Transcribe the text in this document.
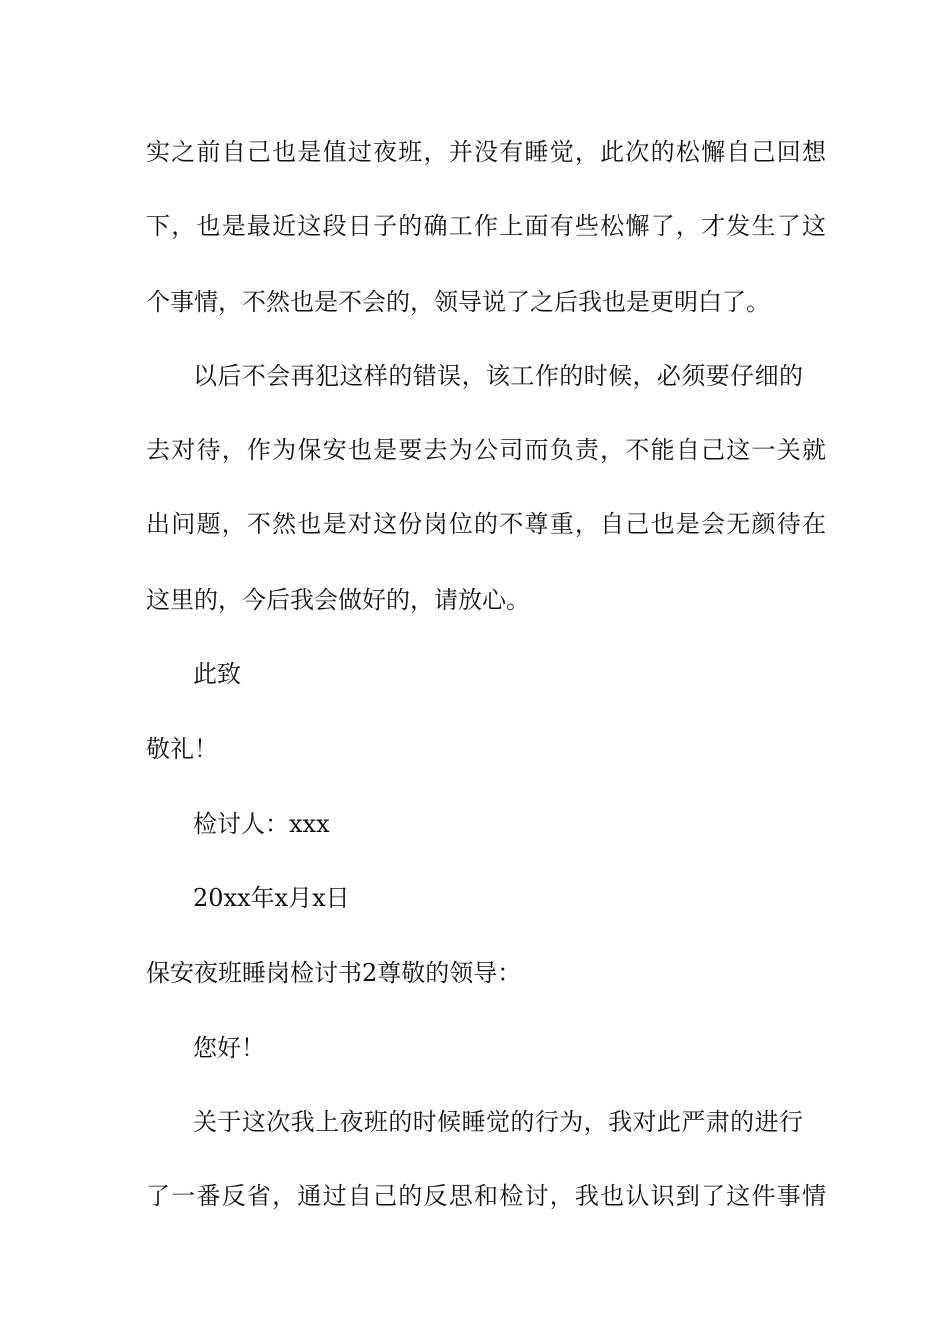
实之前自己也是值过夜班，并没有睡觉，此次的松懈自己回想
下，也是最近这段日子的确工作上面有些松懈了，才发生了这
个事情，不然也是不会的，领导说了之后我也是更明白了。
以后不会再犯这样的错误，该工作的时候，必须要仔细的
去对待，作为保安也是要去为公司而负责，不能自己这一关就
出问题，不然也是对这份岗位的不尊重，自己也是会无颜待在
这里的，今后我会做好的，请放心。
此致
敬礼！
检讨人：xxx
20xx年x月x日
保安夜班睡岗检讨书2尊敬的领导：
您好！
关于这次我上夜班的时候睡觉的行为，我对此严肃的进行
了一番反省，通过自己的反思和检讨，我也认识到了这件事情
